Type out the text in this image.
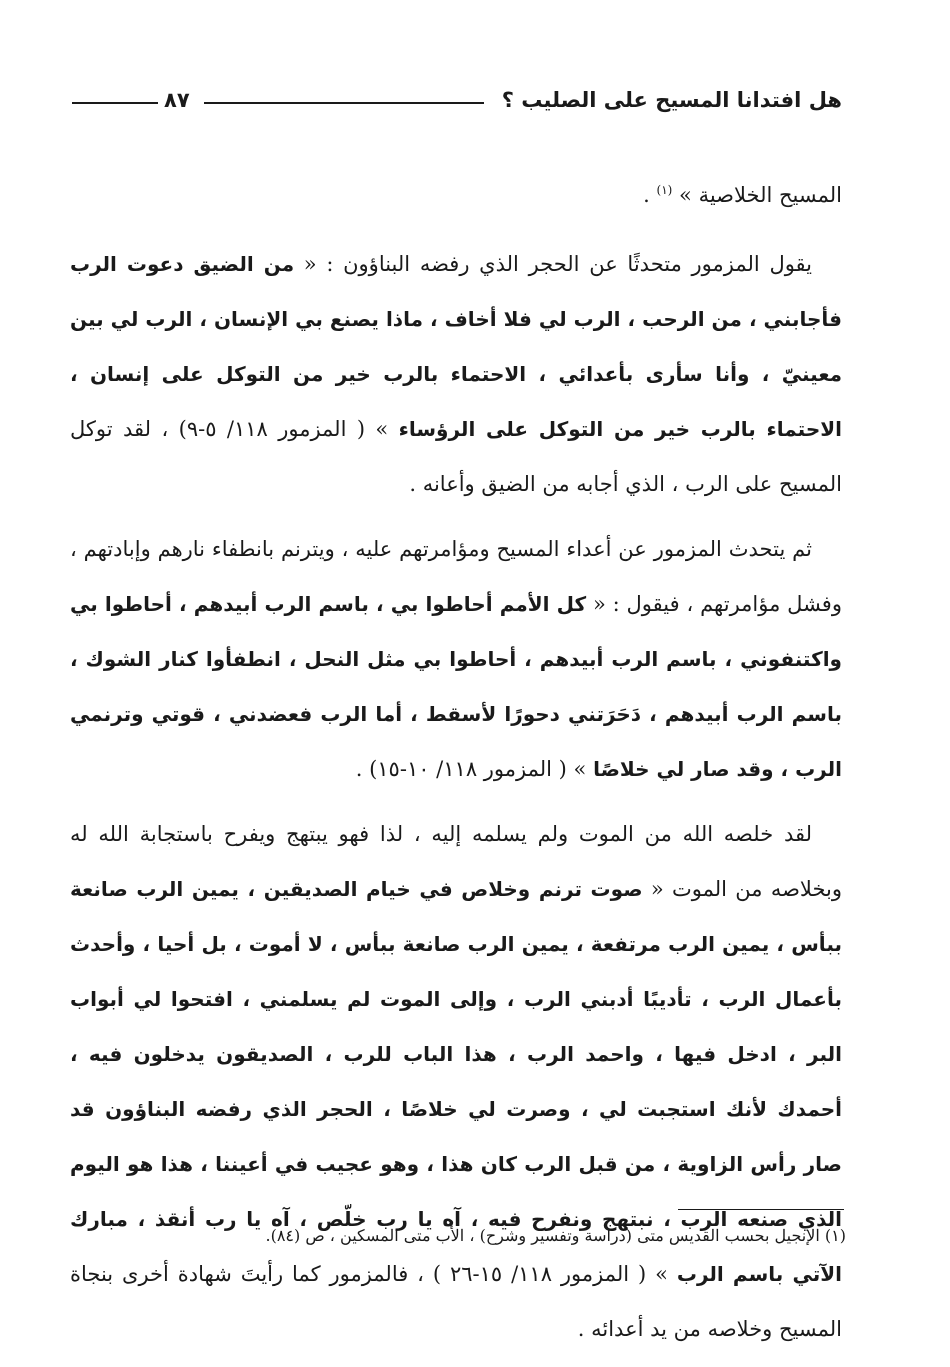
هل افتدانا المسيح على الصليب ؟
٨٧

المسيح الخلاصية » $^{(١)}$ .

يقول المزمور متحدثًا عن الحجر الذي رفضه البناؤون : « من الضيق دعوت الرب فأجابني ، من الرحب ، الرب لي فلا أخاف ، ماذا يصنع بي الإنسان ، الرب لي بين معينيّ ، وأنا سأرى بأعدائي ، الاحتماء بالرب خير من التوكل على إنسان ، الاحتماء بالرب خير من التوكل على الرؤساء » ( المزمور ١١٨/ ٥-٩) ، لقد توكل المسيح على الرب ، الذي أجابه من الضيق وأعانه .

ثم يتحدث المزمور عن أعداء المسيح ومؤامرتهم عليه ، ويترنم بانطفاء نارهم وإبادتهم ، وفشل مؤامرتهم ، فيقول : « كل الأمم أحاطوا بي ، باسم الرب أبيدهم ، أحاطوا بي واكتنفوني ، باسم الرب أبيدهم ، أحاطوا بي مثل النحل ، انطفأوا كنار الشوك ، باسم الرب أبيدهم ، دَحَرَتني دحورًا لأسقط ، أما الرب فعضدني ، قوتي وترنمي الرب ، وقد صار لي خلاصًا » ( المزمور ١١٨/ ١٠-١٥) .

لقد خلصه الله من الموت ولم يسلمه إليه ، لذا فهو يبتهج ويفرح باستجابة الله له وبخلاصه من الموت « صوت ترنم وخلاص في خيام الصديقين ، يمين الرب صانعة ببأس ، يمين الرب مرتفعة ، يمين الرب صانعة ببأس ، لا أموت ، بل أحيا ، وأحدث بأعمال الرب ، تأديبًا أدبني الرب ، وإلى الموت لم يسلمني ، افتحوا لي أبواب البر ، ادخل فيها ، واحمد الرب ، هذا الباب للرب ، الصديقون يدخلون فيه ، أحمدك لأنك استجبت لي ، وصرت لي خلاصًا ، الحجر الذي رفضه البناؤون قد صار رأس الزاوية ، من قبل الرب كان هذا ، وهو عجيب في أعيننا ، هذا هو اليوم الذي صنعه الرب ، نبتهج ونفرح فيه ، آه يا رب خلّص ، آه يا رب أنقذ ، مبارك الآتي باسم الرب » ( المزمور ١١٨/ ١٥-٢٦ ) ، فالمزمور كما رأيتَ شهادة أخرى بنجاة المسيح وخلاصه من يد أعدائه .

(١) الإنجيل بحسب القديس متى (دراسة وتفسير وشرح) ، الأب متى المسكين ، ص (٨٤).
